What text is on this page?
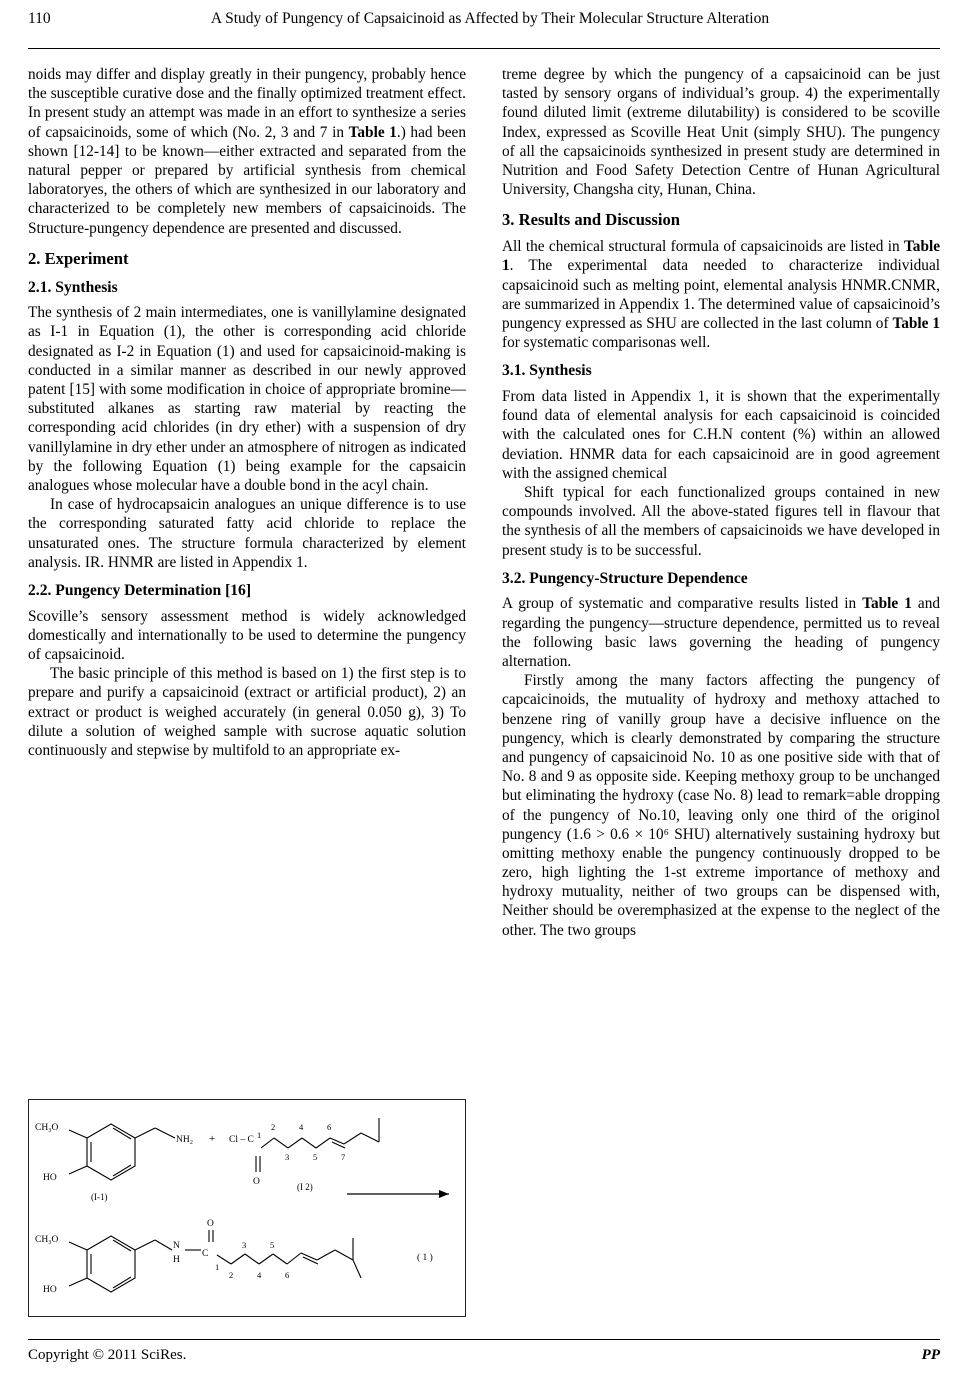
110	A Study of Pungency of Capsaicinoid as Affected by Their Molecular Structure Alteration

noids may differ and display greatly in their pungency, probably hence the susceptible curative dose and the finally optimized treatment effect. In present study an attempt was made in an effort to synthesize a series of capsaicinoids, some of which (No. 2, 3 and 7 in Table 1.) had been shown [12-14] to be known—either extracted and separated from the natural pepper or prepared by artificial synthesis from chemical laboratoryes, the others of which are synthesized in our laboratory and characterized to be completely new members of capsaicinoids. The Structure-pungency dependence are presented and discussed.

2. Experiment
2.1. Synthesis

The synthesis of 2 main intermediates, one is vanillylamine designated as I-1 in Equation (1), the other is corresponding acid chloride designated as I-2 in Equation (1) and used for capsaicinoid-making is conducted in a similar manner as described in our newly approved patent [15] with some modification in choice of appropriate bromine—substituted alkanes as starting raw material by reacting the corresponding acid chlorides (in dry ether) with a suspension of dry vanillylamine in dry ether under an atmosphere of nitrogen as indicated by the following Equation (1) being example for the capsaicin analogues whose molecular have a double bond in the acyl chain.

In case of hydrocapsaicin analogues an unique difference is to use the corresponding saturated fatty acid chloride to replace the unsaturated ones. The structure formula characterized by element analysis. IR. HNMR are listed in Appendix 1.

2.2. Pungency Determination [16]

Scoville’s sensory assessment method is widely acknowledged domestically and internationally to be used to determine the pungency of capsaicinoid.

The basic principle of this method is based on 1) the first step is to prepare and purify a capsaicinoid (extract or artificial product), 2) an extract or product is weighed accurately (in general 0.050 g), 3) To dilute a solution of weighed sample with sucrose aquatic solution continuously and stepwise by multifold to an appropriate ex-

CH₃O
HO
NH₂ + Cl – C
O
(I-1)
(I 2)
CH₃O
HO
N
H
C
O
( 1 )
2	4	6
1
3	5	7
1
2
3
4
5
6

treme degree by which the pungency of a capsaicinoid can be just tasted by sensory organs of individual’s group. 4) the experimentally found diluted limit (extreme dilutability) is considered to be scoville Index, expressed as Scoville Heat Unit (simply SHU). The pungency of all the capsaicinoids synthesized in present study are determined in Nutrition and Food Safety Detection Centre of Hunan Agricultural University, Changsha city, Hunan, China.

3. Results and Discussion

All the chemical structural formula of capsaicinoids are listed in Table 1. The experimental data needed to characterize individual capsaicinoid such as melting point, elemental analysis HNMR.CNMR, are summarized in Appendix 1. The determined value of capsaicinoid’s pungency expressed as SHU are collected in the last column of Table 1 for systematic comparisonas well.

3.1. Synthesis

From data listed in Appendix 1, it is shown that the experimentally found data of elemental analysis for each capsaicinoid is coincided with the calculated ones for C.H.N content (%) within an allowed deviation. HNMR data for each capsaicinoid are in good agreement with the assigned chemical

Shift typical for each functionalized groups contained in new compounds involved. All the above-stated figures tell in flavour that the synthesis of all the members of capsaicinoids we have developed in present study is to be successful.

3.2. Pungency-Structure Dependence

A group of systematic and comparative results listed in Table 1 and regarding the pungency—structure dependence, permitted us to reveal the following basic laws governing the heading of pungency alternation.

Firstly among the many factors affecting the pungency of capcaicinoids, the mutuality of hydroxy and methoxy attached to benzene ring of vanilly group have a decisive influence on the pungency, which is clearly demonstrated by comparing the structure and pungency of capsaicinoid No. 10 as one positive side with that of No. 8 and 9 as opposite side. Keeping methoxy group to be unchanged but eliminating the hydroxy (case No. 8) lead to remark=able dropping of the pungency of No.10, leaving only one third of the originol pungency (1.6 > 0.6 × 10⁶ SHU) alternatively sustaining hydroxy but omitting methoxy enable the pungency continuously dropped to be zero, high lighting the 1-st extreme importance of methoxy and hydroxy mutuality, neither of two groups can be dispensed with, Neither should be overemphasized at the expense to the neglect of the other. The two groups

Copyright © 2011 SciRes.	PP
